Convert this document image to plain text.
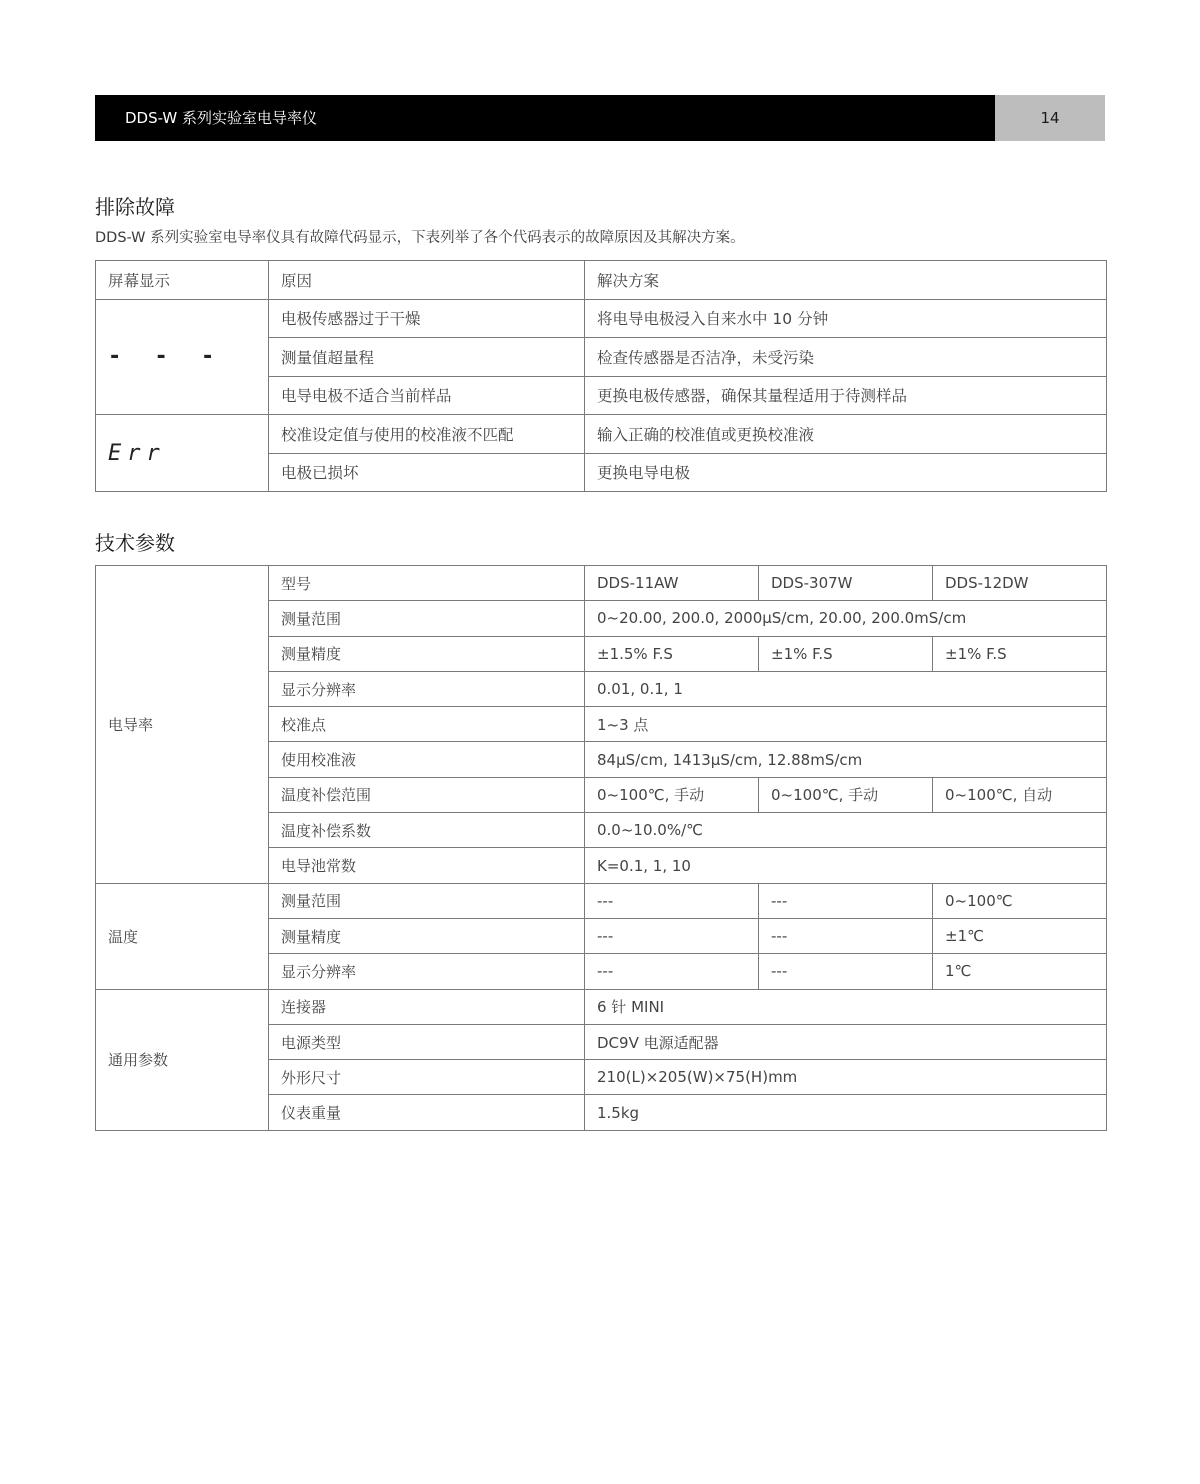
DDS-W 系列实验室电导率仪	14
排除故障

DDS-W 系列实验室电导率仪具有故障代码显示，下表列举了各个代码表示的故障原因及其解决方案。

屏幕显示	原因	解决方案
- - -	电极传感器过于干燥	将电导电极浸入自来水中 10 分钟
	测量值超量程	检查传感器是否洁净，未受污染
	电导电极不适合当前样品	更换电极传感器，确保其量程适用于待测样品
Err	校准设定值与使用的校准液不匹配	输入正确的校准值或更换校准液
	电极已损坏	更换电导电极
技术参数
电导率	型号	DDS-11AW	DDS-307W	DDS-12DW
	测量范围	0~20.00, 200.0, 2000μS/cm, 20.00, 200.0mS/cm		
	测量精度	±1.5% F.S	±1% F.S	±1% F.S
	显示分辨率	0.01, 0.1, 1		
	校准点	1~3 点		
	使用校准液	84μS/cm, 1413μS/cm, 12.88mS/cm		
	温度补偿范围	0~100℃, 手动	0~100℃, 手动	0~100℃, 自动
	温度补偿系数	0.0~10.0%/℃		
	电导池常数	K=0.1, 1, 10		
温度	测量范围	---	---	0~100℃
	测量精度	---	---	±1℃
	显示分辨率	---	---	1℃
通用参数	连接器	6 针 MINI		
	电源类型	DC9V 电源适配器		
	外形尺寸	210(L)×205(W)×75(H)mm		
	仪表重量	1.5kg		
